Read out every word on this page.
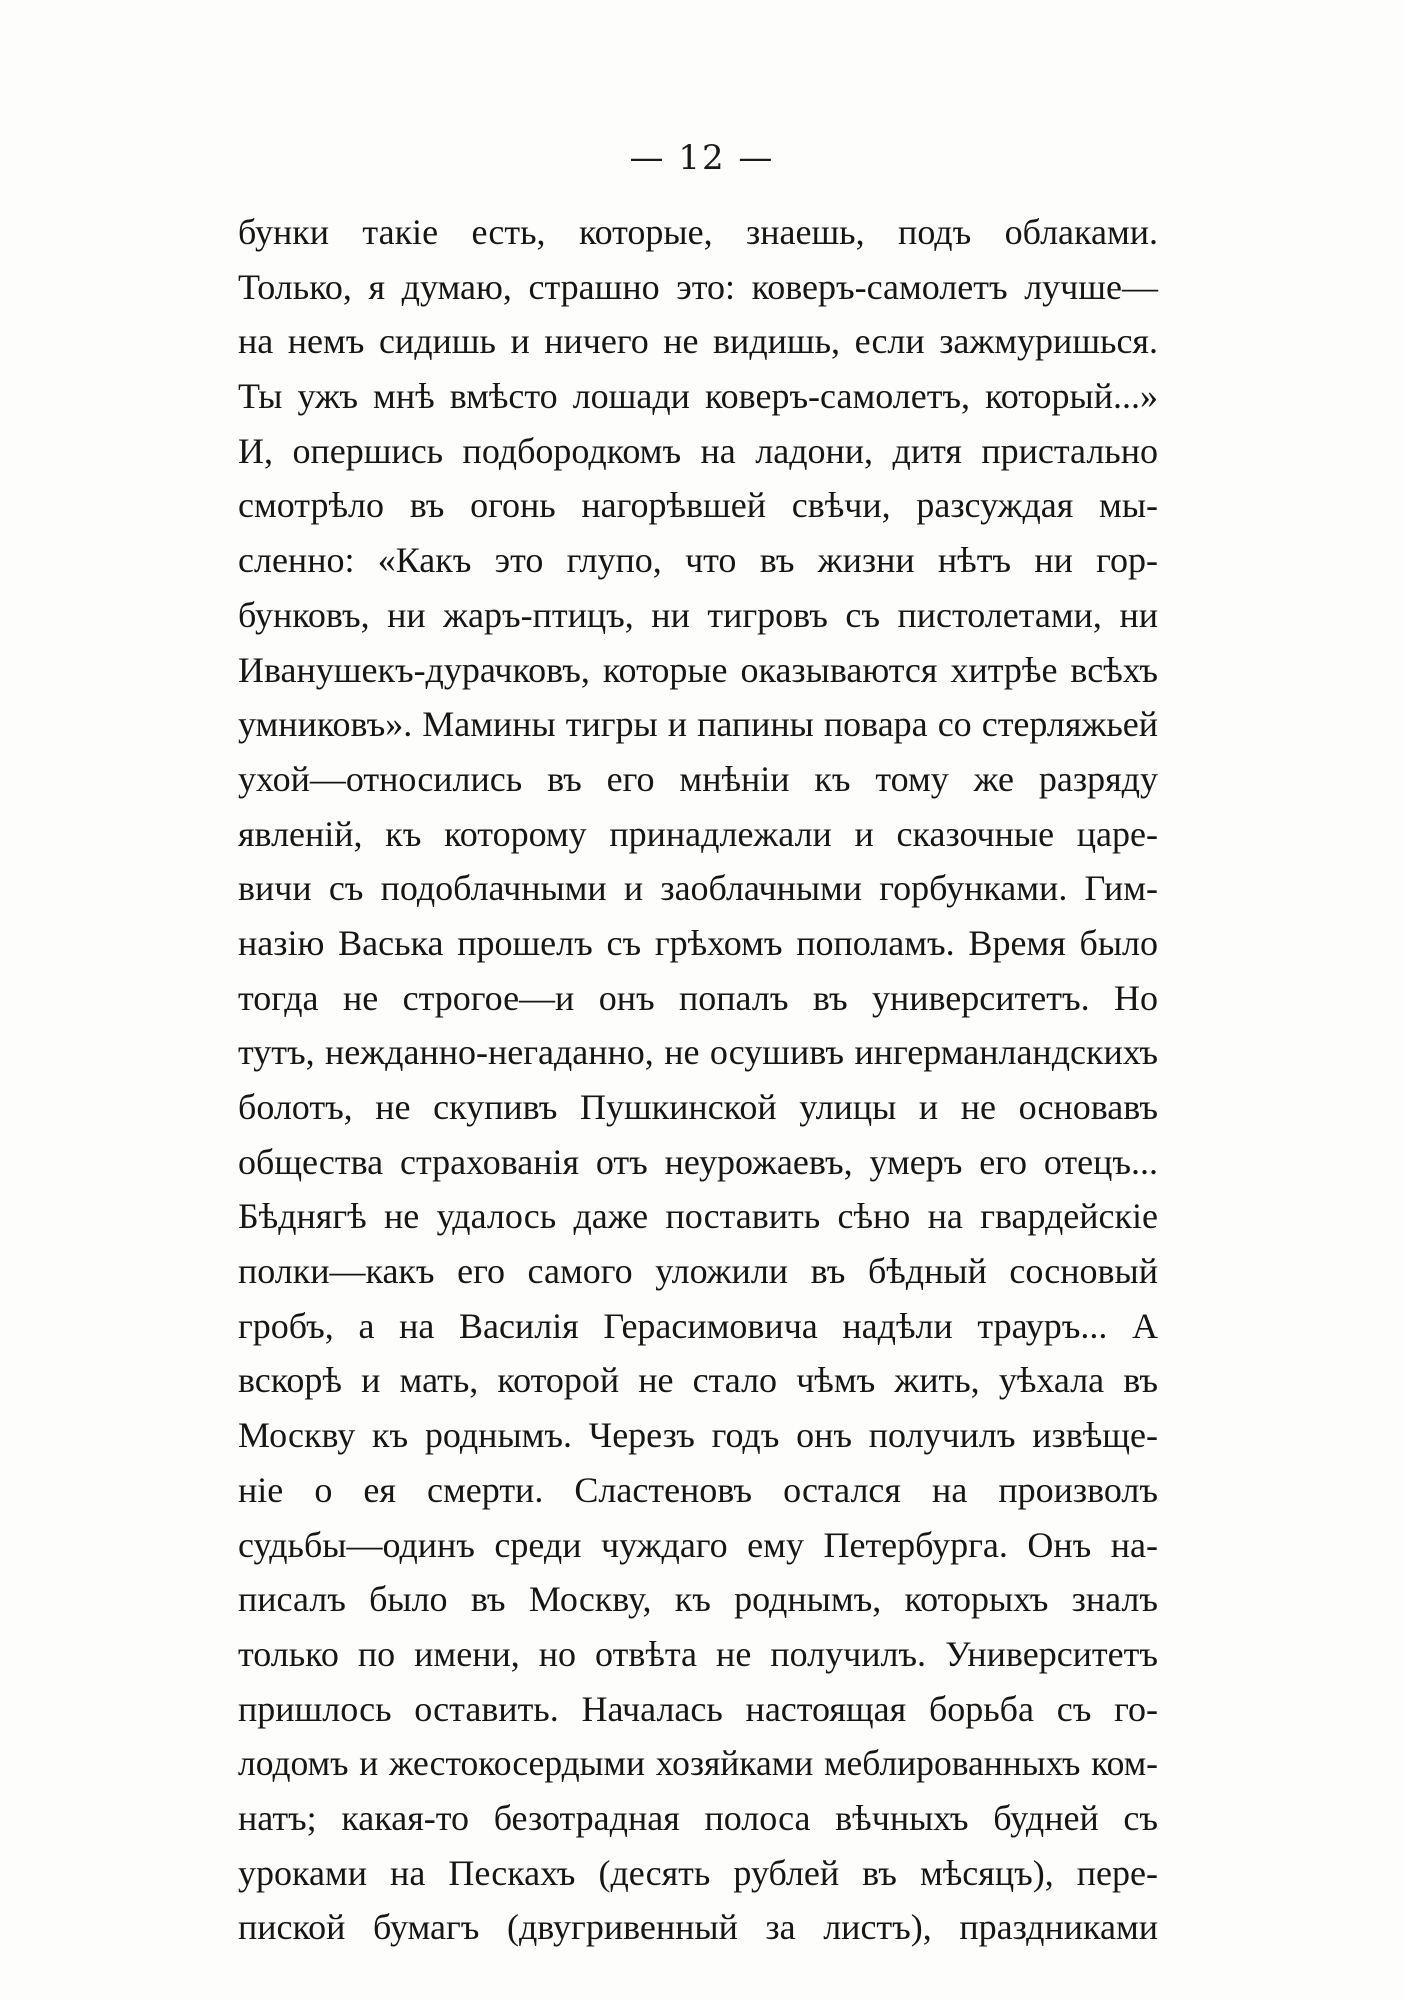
— 12 —
бунки такіе есть, которые, знаешь, подъ облаками.
Только, я думаю, страшно это: коверъ-самолетъ лучше—
на немъ сидишь и ничего не видишь, если зажмуришься.
Ты ужъ мнѣ вмѣсто лошади коверъ-самолетъ, который...»
И, опершись подбородкомъ на ладони, дитя пристально
смотрѣло въ огонь нагорѣвшей свѣчи, разсуждая мы-
сленно: «Какъ это глупо, что въ жизни нѣтъ ни гор-
бунковъ, ни жаръ-птицъ, ни тигровъ съ пистолетами, ни
Иванушекъ-дурачковъ, которые оказываются хитрѣе всѣхъ
умниковъ». Мамины тигры и папины повара со стерляжьей
ухой—относились въ его мнѣніи къ тому же разряду
явленій, къ которому принадлежали и сказочные царе-
вичи съ подоблачными и заоблачными горбунками. Гим-
назію Васька прошелъ съ грѣхомъ пополамъ. Время было
тогда не строгое—и онъ попалъ въ университетъ. Но
тутъ, нежданно-негаданно, не осушивъ ингерманландскихъ
болотъ, не скупивъ Пушкинской улицы и не основавъ
общества страхованія отъ неурожаевъ, умеръ его отецъ...
Бѣднягѣ не удалось даже поставить сѣно на гвардейскіе
полки—какъ его самого уложили въ бѣдный сосновый
гробъ, а на Василія Герасимовича надѣли трауръ... А
вскорѣ и мать, которой не стало чѣмъ жить, уѣхала въ
Москву къ роднымъ. Черезъ годъ онъ получилъ извѣще-
ніе о ея смерти. Сластеновъ остался на произволъ
судьбы—одинъ среди чуждаго ему Петербурга. Онъ на-
писалъ было въ Москву, къ роднымъ, которыхъ зналъ
только по имени, но отвѣта не получилъ. Университетъ
пришлось оставить. Началась настоящая борьба съ го-
лодомъ и жестокосердыми хозяйками меблированныхъ ком-
натъ; какая-то безотрадная полоса вѣчныхъ будней съ
уроками на Пескахъ (десять рублей въ мѣсяцъ), пере-
пиской бумагъ (двугривенный за листъ), праздниками
